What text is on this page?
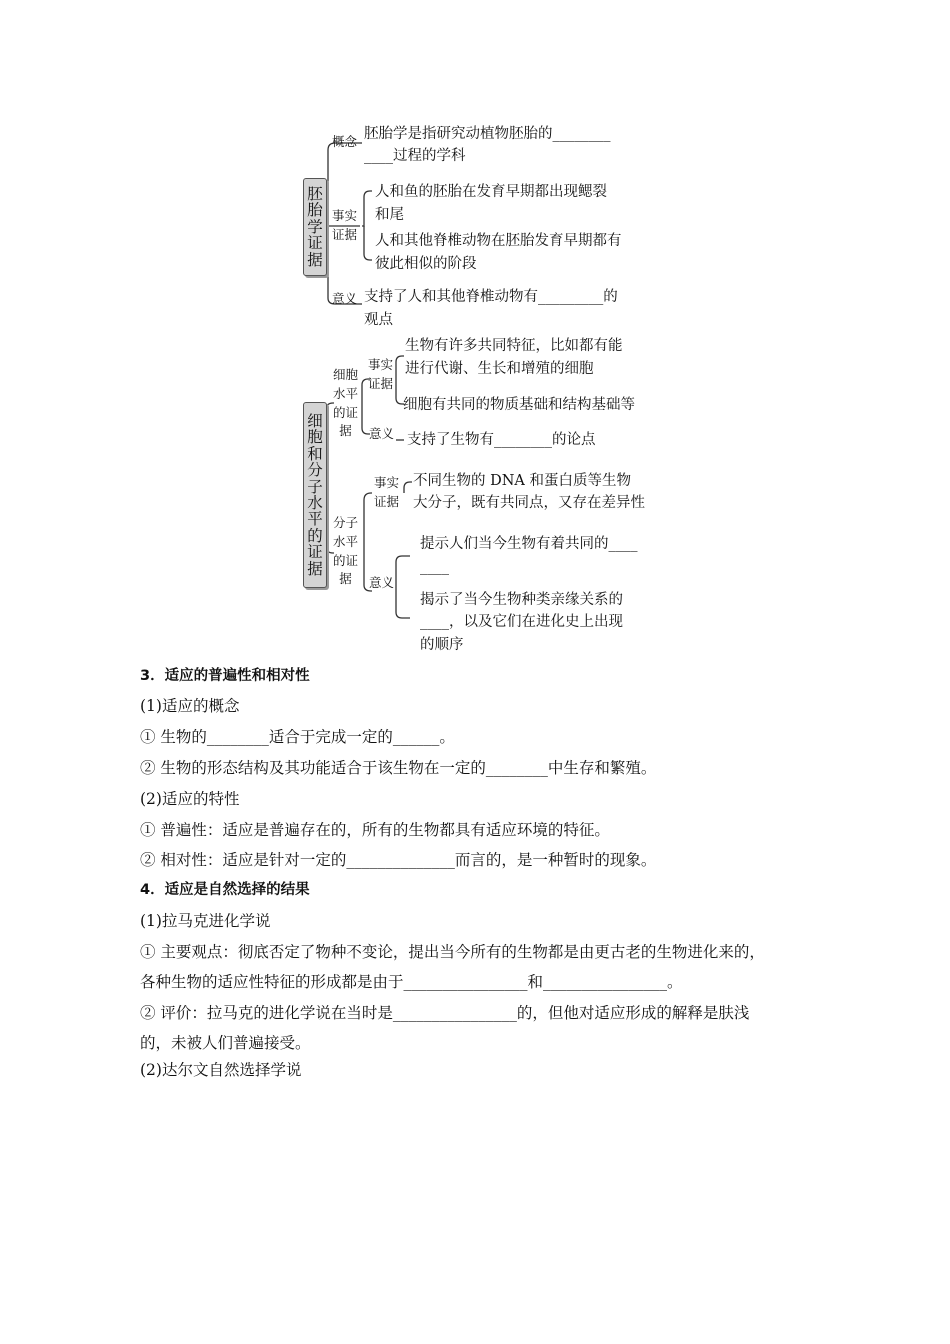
胚
胎
学
证
据
概念 胚胎学是指研究动植物胚胎的________
____过程的学科
事实
证据
人和鱼的胚胎在发育早期都出现鳃裂
和尾
人和其他脊椎动物在胚胎发育早期都有
彼此相似的阶段
意义 支持了人和其他脊椎动物有_________的
观点
细
胞
和
分
子
水
平
的
证
据
细胞
水平
的证
据
事实
证据
生物有许多共同特征，比如都有能
进行代谢、生长和增殖的细胞
细胞有共同的物质基础和结构基础等
意义 支持了生物有________的论点
分子
水平
的证
据
事实
证据
不同生物的 DNA 和蛋白质等生物
大分子，既有共同点，又存在差异性
意义
提示人们当今生物有着共同的____
____
揭示了当今生物种类亲缘关系的
____，以及它们在进化史上出现
的顺序
3．适应的普遍性和相对性
(1)适应的概念
① 生物的________适合于完成一定的______。
② 生物的形态结构及其功能适合于该生物在一定的________中生存和繁殖。
(2)适应的特性
① 普遍性：适应是普遍存在的，所有的生物都具有适应环境的特征。
② 相对性：适应是针对一定的______________而言的，是一种暂时的现象。
4．适应是自然选择的结果
(1)拉马克进化学说
① 主要观点：彻底否定了物种不变论，提出当今所有的生物都是由更古老的生物进化来的，
各种生物的适应性特征的形成都是由于________________和________________。
② 评价：拉马克的进化学说在当时是________________的，但他对适应形成的解释是肤浅
的，未被人们普遍接受。
(2)达尔文自然选择学说
